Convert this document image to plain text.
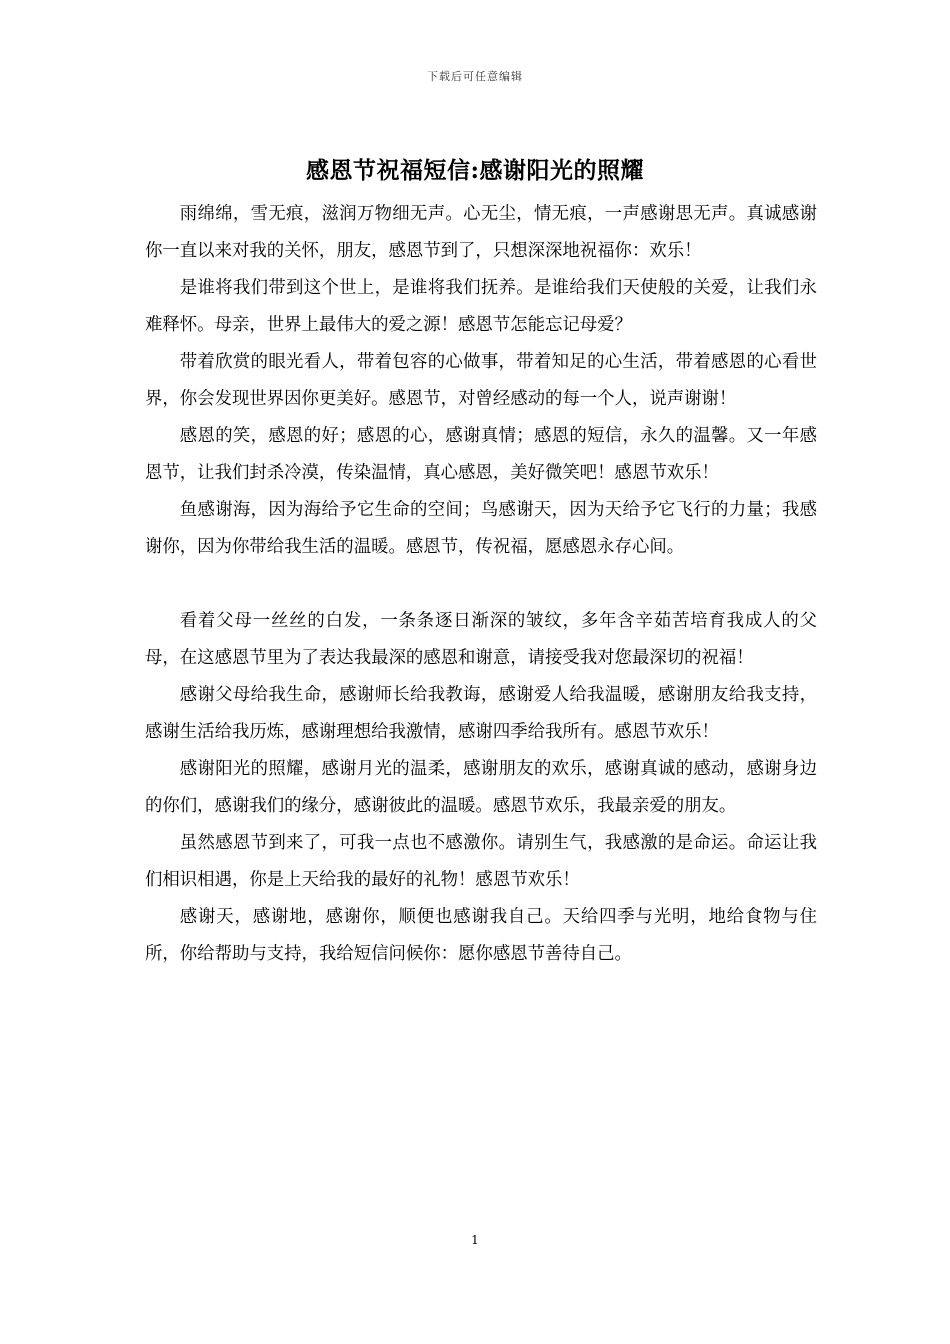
下载后可任意编辑
感恩节祝福短信:感谢阳光的照耀

雨绵绵，雪无痕，滋润万物细无声。心无尘，情无痕，一声感谢思无声。真诚感谢你一直以来对我的关怀，朋友，感恩节到了，只想深深地祝福你：欢乐！

是谁将我们带到这个世上，是谁将我们抚养。是谁给我们天使般的关爱，让我们永难释怀。母亲，世界上最伟大的爱之源！感恩节怎能忘记母爱？

带着欣赏的眼光看人，带着包容的心做事，带着知足的心生活，带着感恩的心看世界，你会发现世界因你更美好。感恩节，对曾经感动的每一个人，说声谢谢！

感恩的笑，感恩的好；感恩的心，感谢真情；感恩的短信，永久的温馨。又一年感恩节，让我们封杀冷漠，传染温情，真心感恩，美好微笑吧！感恩节欢乐！

鱼感谢海，因为海给予它生命的空间；鸟感谢天，因为天给予它飞行的力量；我感谢你，因为你带给我生活的温暖。感恩节，传祝福，愿感恩永存心间。

看着父母一丝丝的白发，一条条逐日渐深的皱纹，多年含辛茹苦培育我成人的父母，在这感恩节里为了表达我最深的感恩和谢意，请接受我对您最深切的祝福！

感谢父母给我生命，感谢师长给我教诲，感谢爱人给我温暖，感谢朋友给我支持，感谢生活给我历炼，感谢理想给我激情，感谢四季给我所有。感恩节欢乐！

感谢阳光的照耀，感谢月光的温柔，感谢朋友的欢乐，感谢真诚的感动，感谢身边的你们，感谢我们的缘分，感谢彼此的温暖。感恩节欢乐，我最亲爱的朋友。

虽然感恩节到来了，可我一点也不感激你。请别生气，我感激的是命运。命运让我们相识相遇，你是上天给我的最好的礼物！感恩节欢乐！

感谢天，感谢地，感谢你，顺便也感谢我自己。天给四季与光明，地给食物与住所，你给帮助与支持，我给短信问候你：愿你感恩节善待自己。

1
